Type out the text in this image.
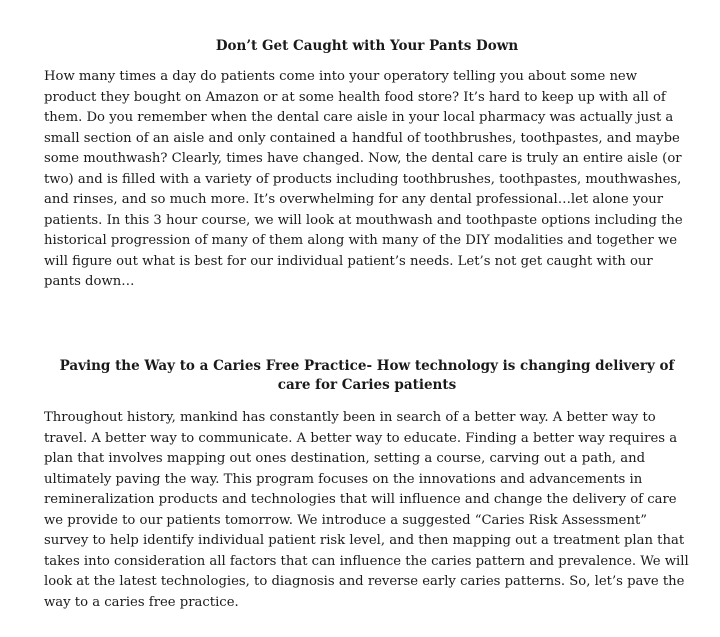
Don’t Get Caught with Your Pants Down

How many times a day do patients come into your operatory telling you about some new product they bought on Amazon or at some health food store? It’s hard to keep up with all of them. Do you remember when the dental care aisle in your local pharmacy was actually just a small section of an aisle and only contained a handful of toothbrushes, toothpastes, and maybe some mouthwash? Clearly, times have changed. Now, the dental care is truly an entire aisle (or two) and is filled with a variety of products including toothbrushes, toothpastes, mouthwashes, and rinses, and so much more. It’s overwhelming for any dental professional…let alone your patients. In this 3 hour course, we will look at mouthwash and toothpaste options including the historical progression of many of them along with many of the DIY modalities and together we will figure out what is best for our individual patient’s needs. Let’s not get caught with our pants down…

Paving the Way to a Caries Free Practice- How technology is changing delivery of care for Caries patients

Throughout history, mankind has constantly been in search of a better way. A better way to travel. A better way to communicate. A better way to educate. Finding a better way requires a plan that involves mapping out ones destination, setting a course, carving out a path, and ultimately paving the way. This program focuses on the innovations and advancements in remineralization products and technologies that will influence and change the delivery of care we provide to our patients tomorrow. We introduce a suggested “Caries Risk Assessment” survey to help identify individual patient risk level, and then mapping out a treatment plan that takes into consideration all factors that can influence the caries pattern and prevalence. We will look at the latest technologies, to diagnosis and reverse early caries patterns. So, let’s pave the way to a caries free practice.
